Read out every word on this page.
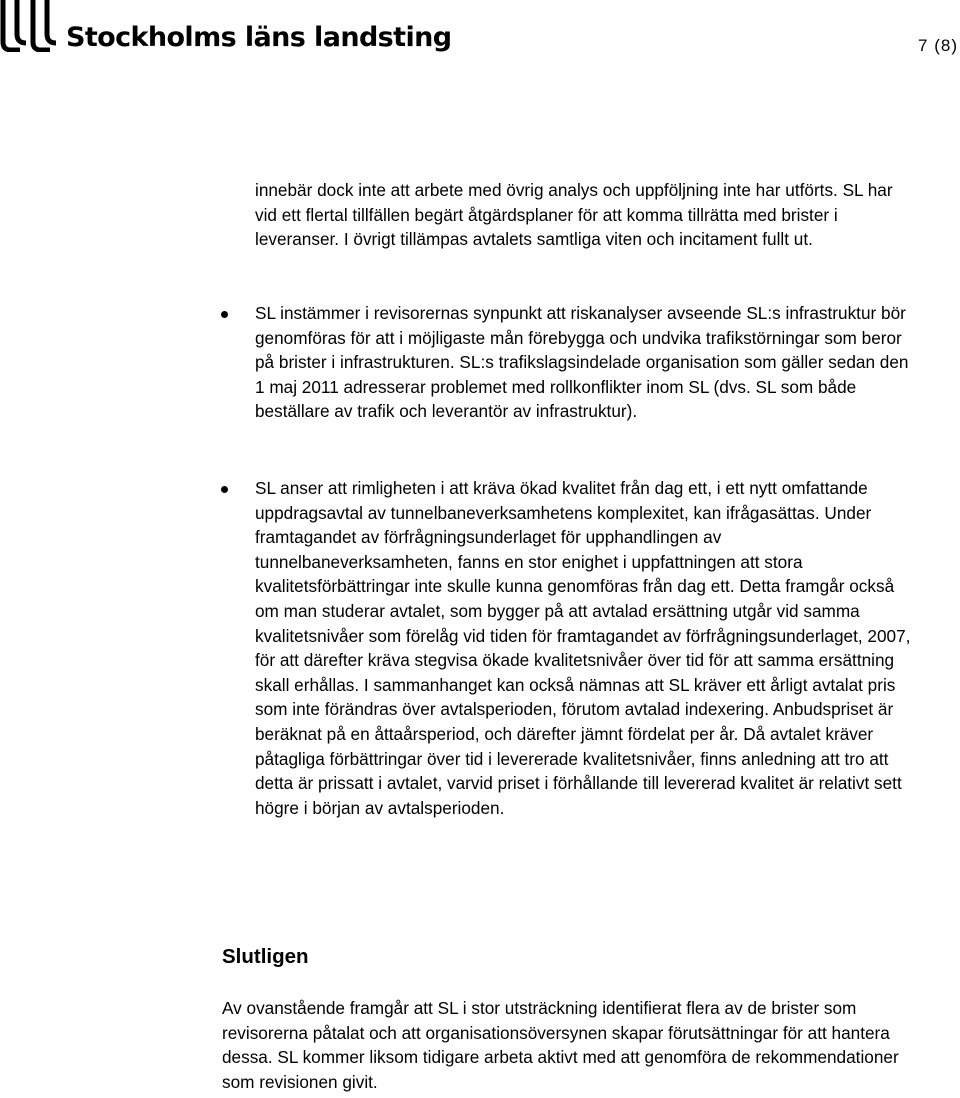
Stockholms läns landsting	7 (8)

innebär dock inte att arbete med övrig analys och uppföljning inte har utförts. SL har vid ett flertal tillfällen begärt åtgärdsplaner för att komma tillrätta med brister i leveranser. I övrigt tillämpas avtalets samtliga viten och incitament fullt ut.

SL instämmer i revisorernas synpunkt att riskanalyser avseende SL:s infrastruktur bör genomföras för att i möjligaste mån förebygga och undvika trafikstörningar som beror på brister i infrastrukturen. SL:s trafikslagsindelade organisation som gäller sedan den 1 maj 2011 adresserar problemet med rollkonflikter inom SL (dvs. SL som både beställare av trafik och leverantör av infrastruktur).

SL anser att rimligheten i att kräva ökad kvalitet från dag ett, i ett nytt omfattande uppdragsavtal av tunnelbaneverksamhetens komplexitet, kan ifrågasättas. Under framtagandet av förfrågningsunderlaget för upphandlingen av tunnelbaneverksamheten, fanns en stor enighet i uppfattningen att stora kvalitetsförbättringar inte skulle kunna genomföras från dag ett. Detta framgår också om man studerar avtalet, som bygger på att avtalad ersättning utgår vid samma kvalitetsnivåer som förelåg vid tiden för framtagandet av förfrågningsunderlaget, 2007, för att därefter kräva stegvisa ökade kvalitetsnivåer över tid för att samma ersättning skall erhållas. I sammanhanget kan också nämnas att SL kräver ett årligt avtalat pris som inte förändras över avtalsperioden, förutom avtalad indexering. Anbudspriset är beräknat på en åttaårsperiod, och därefter jämnt fördelat per år. Då avtalet kräver påtagliga förbättringar över tid i levererade kvalitetsnivåer, finns anledning att tro att detta är prissatt i avtalet, varvid priset i förhållande till levererad kvalitet är relativt sett högre i början av avtalsperioden.

Slutligen

Av ovanstående framgår att SL i stor utsträckning identifierat flera av de brister som revisorerna påtalat och att organisationsöversynen skapar förutsättningar för att hantera dessa. SL kommer liksom tidigare arbeta aktivt med att genomföra de rekommendationer som revisionen givit.
